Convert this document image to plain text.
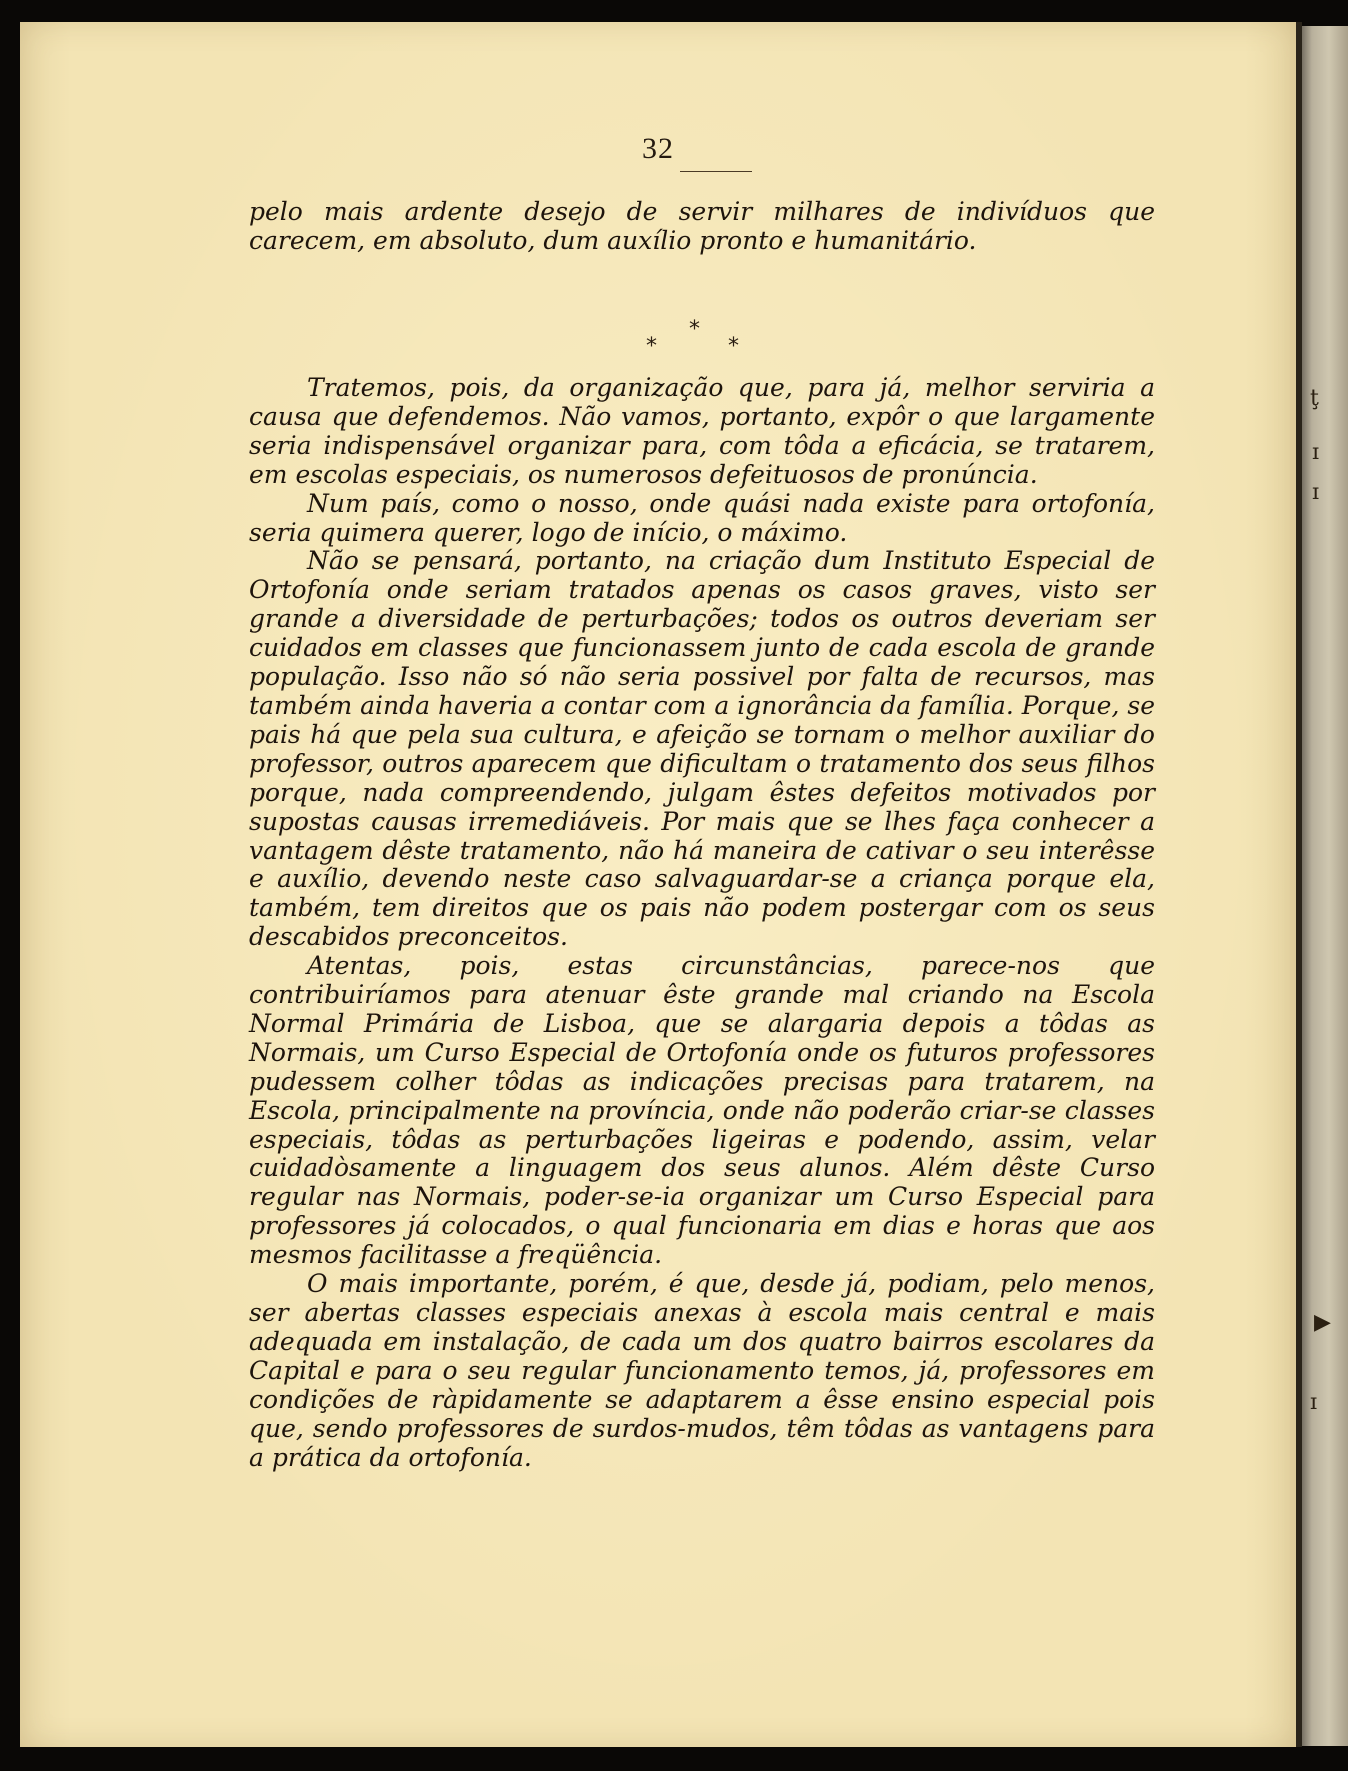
ţ
ɪ
ɪ
▶
ɪ
32

pelo mais ardente desejo de servir milhares de indivíduos que carecem, em absoluto, dum auxílio pronto e humanitário.

*
*	*

Tratemos, pois, da organização que, para já, melhor serviria a causa que defendemos. Não vamos, portanto, expôr o que largamente seria indispensável organizar para, com tôda a eficácia, se tratarem, em escolas especiais, os numerosos defeituosos de pronúncia.

Num país, como o nosso, onde quási nada existe para ortofonía, seria quimera querer, logo de início, o máximo.

Não se pensará, portanto, na criação dum Instituto Especial de Ortofonía onde seriam tratados apenas os casos graves, visto ser grande a diversidade de perturbações; todos os outros deveriam ser cuidados em classes que funcionassem junto de cada escola de grande população. Isso não só não seria possivel por falta de recursos, mas também ainda haveria a contar com a ignorância da família. Porque, se pais há que pela sua cultura, e afeição se tornam o melhor auxiliar do professor, outros aparecem que dificultam o tratamento dos seus filhos porque, nada compreendendo, julgam êstes defeitos motivados por supostas causas irremediáveis. Por mais que se lhes faça conhecer a vantagem dêste tratamento, não há maneira de cativar o seu interêsse e auxílio, devendo neste caso salvaguardar-se a criança porque ela, também, tem direitos que os pais não podem postergar com os seus descabidos preconceitos.

Atentas, pois, estas circunstâncias, parece-nos que contribuiríamos para atenuar êste grande mal criando na Escola Normal Primária de Lisboa, que se alargaria depois a tôdas as Normais, um Curso Especial de Ortofonía onde os futuros professores pudessem colher tôdas as indicações precisas para tratarem, na Escola, principalmente na província, onde não poderão criar-se classes especiais, tôdas as perturbações ligeiras e podendo, assim, velar cuidadòsamente a linguagem dos seus alunos. Além dêste Curso regular nas Normais, poder-se-ia organizar um Curso Especial para professores já colocados, o qual funcionaria em dias e horas que aos mesmos facilitasse a freqüência.

O mais importante, porém, é que, desde já, podiam, pelo menos, ser abertas classes especiais anexas à escola mais central e mais adequada em instalação, de cada um dos quatro bairros escolares da Capital e para o seu regular funcionamento temos, já, professores em condições de ràpidamente se adaptarem a êsse ensino especial pois que, sendo professores de surdos-mudos, têm tôdas as vantagens para a prática da ortofonía.
